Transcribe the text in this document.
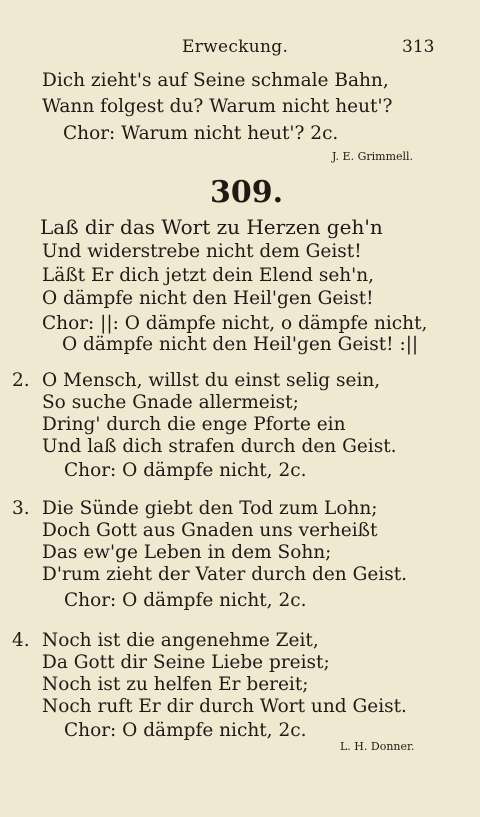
Erweckung.	313
Dich zieht's auf Seine schmale Bahn,
Wann folgest du? Warum nicht heut'?
Chor: Warum nicht heut'? 2c.
J. E. Grimmell.
309.
Laß dir das Wort zu Herzen geh'n
Und widerstrebe nicht dem Geist!
Läßt Er dich jetzt dein Elend seh'n,
O dämpfe nicht den Heil'gen Geist!
Chor: ||: O dämpfe nicht, o dämpfe nicht,
O dämpfe nicht den Heil'gen Geist! :||
2. O Mensch, willst du einst selig sein,
So suche Gnade allermeist;
Dring' durch die enge Pforte ein
Und laß dich strafen durch den Geist.
Chor: O dämpfe nicht, 2c.
3. Die Sünde giebt den Tod zum Lohn;
Doch Gott aus Gnaden uns verheißt
Das ew'ge Leben in dem Sohn;
D'rum zieht der Vater durch den Geist.
Chor: O dämpfe nicht, 2c.
4. Noch ist die angenehme Zeit,
Da Gott dir Seine Liebe preist;
Noch ist zu helfen Er bereit;
Noch ruft Er dir durch Wort und Geist.
Chor: O dämpfe nicht, 2c.
L. H. Donner.
